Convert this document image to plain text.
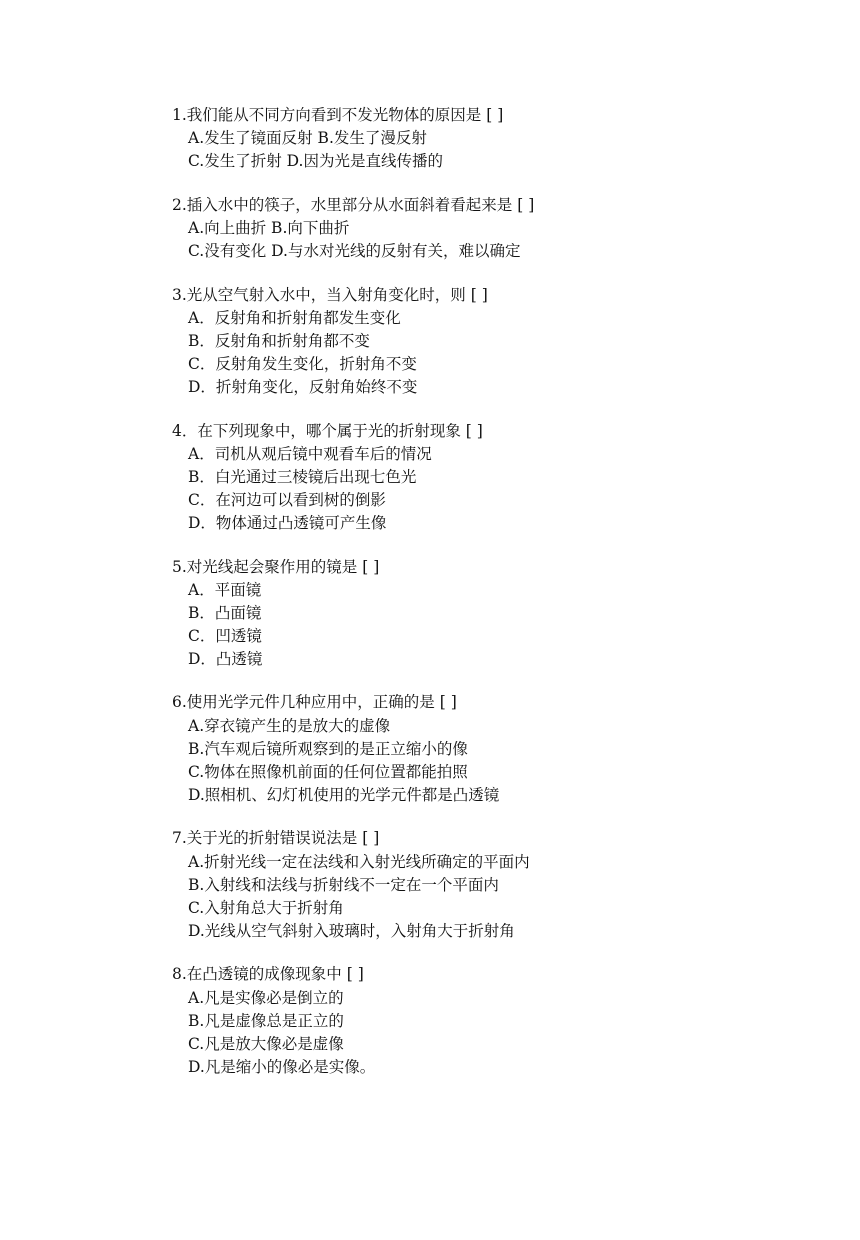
1.我们能从不同方向看到不发光物体的原因是 [ ]
A.发生了镜面反射 B.发生了漫反射
C.发生了折射 D.因为光是直线传播的
2.插入水中的筷子，水里部分从水面斜着看起来是 [ ]
A.向上曲折 B.向下曲折
C.没有变化 D.与水对光线的反射有关，难以确定
3.光从空气射入水中，当入射角变化时，则 [ ]
A．反射角和折射角都发生变化
B．反射角和折射角都不变
C．反射角发生变化，折射角不变
D．折射角变化，反射角始终不变
4．在下列现象中，哪个属于光的折射现象 [ ]
A．司机从观后镜中观看车后的情况
B．白光通过三棱镜后出现七色光
C．在河边可以看到树的倒影
D．物体通过凸透镜可产生像
5.对光线起会聚作用的镜是 [ ]
A．平面镜
B．凸面镜
C．凹透镜
D．凸透镜
6.使用光学元件几种应用中，正确的是 [ ]
A.穿衣镜产生的是放大的虚像
B.汽车观后镜所观察到的是正立缩小的像
C.物体在照像机前面的任何位置都能拍照
D.照相机、幻灯机使用的光学元件都是凸透镜
7.关于光的折射错误说法是 [ ]
A.折射光线一定在法线和入射光线所确定的平面内
B.入射线和法线与折射线不一定在一个平面内
C.入射角总大于折射角
D.光线从空气斜射入玻璃时，入射角大于折射角
8.在凸透镜的成像现象中 [ ]
A.凡是实像必是倒立的
B.凡是虚像总是正立的
C.凡是放大像必是虚像
D.凡是缩小的像必是实像。
